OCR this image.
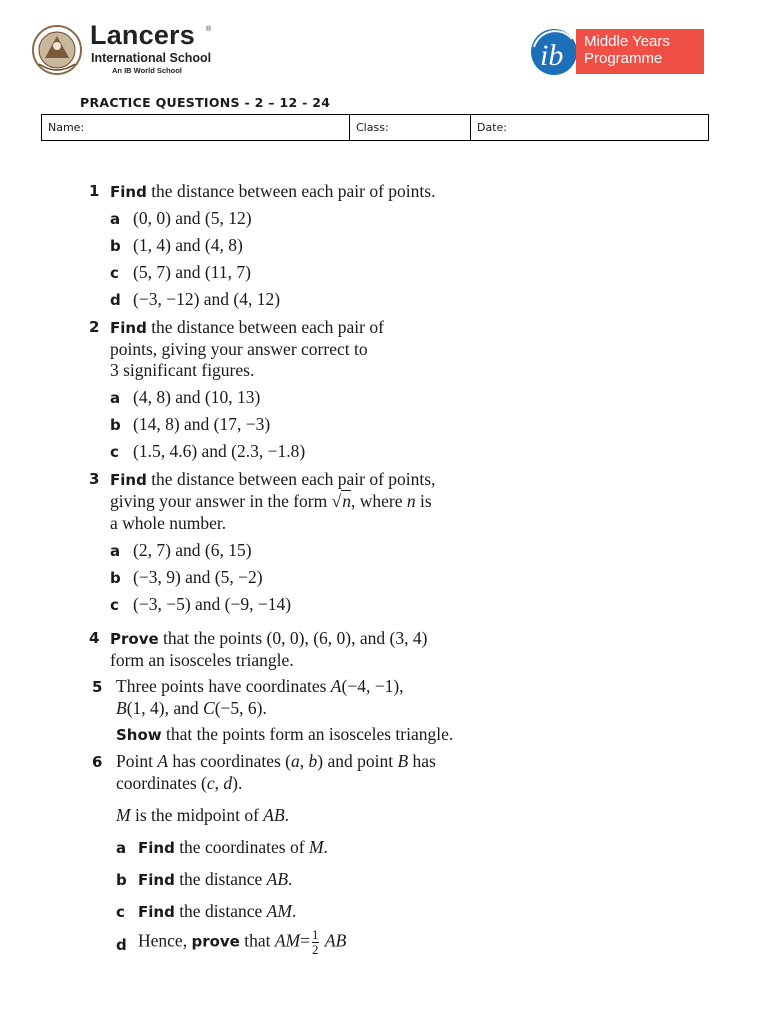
Lancers ®
International School
An IB World School	ib Middle Years
Programme
PRACTICE QUESTIONS - 2 – 12 - 24
Name:	Class:	Date:
1 Find the distance between each pair of points.
a (0, 0) and (5, 12)
b (1, 4) and (4, 8)
c (5, 7) and (11, 7)
d (−3, −12) and (4, 12)
2 Find the distance between each pair of
points, giving your answer correct to
3 significant figures.
a (4, 8) and (10, 13)
b (14, 8) and (17, −3)
c (1.5, 4.6) and (2.3, −1.8)
3 Find the distance between each pair of points,
giving your answer in the form √n, where n is
a whole number.
a (2, 7) and (6, 15)
b (−3, 9) and (5, −2)
c (−3, −5) and (−9, −14)
4 Prove that the points (0, 0), (6, 0), and (3, 4)
form an isosceles triangle.
5 Three points have coordinates A(−4, −1),
B(1, 4), and C(−5, 6).
Show that the points form an isosceles triangle.
6 Point A has coordinates (a, b) and point B has
coordinates (c, d).
M is the midpoint of AB.
a Find the coordinates of M.
b Find the distance AB.
c Find the distance AM.
d Hence, prove that $AM= \frac{1}{2}$ AB
